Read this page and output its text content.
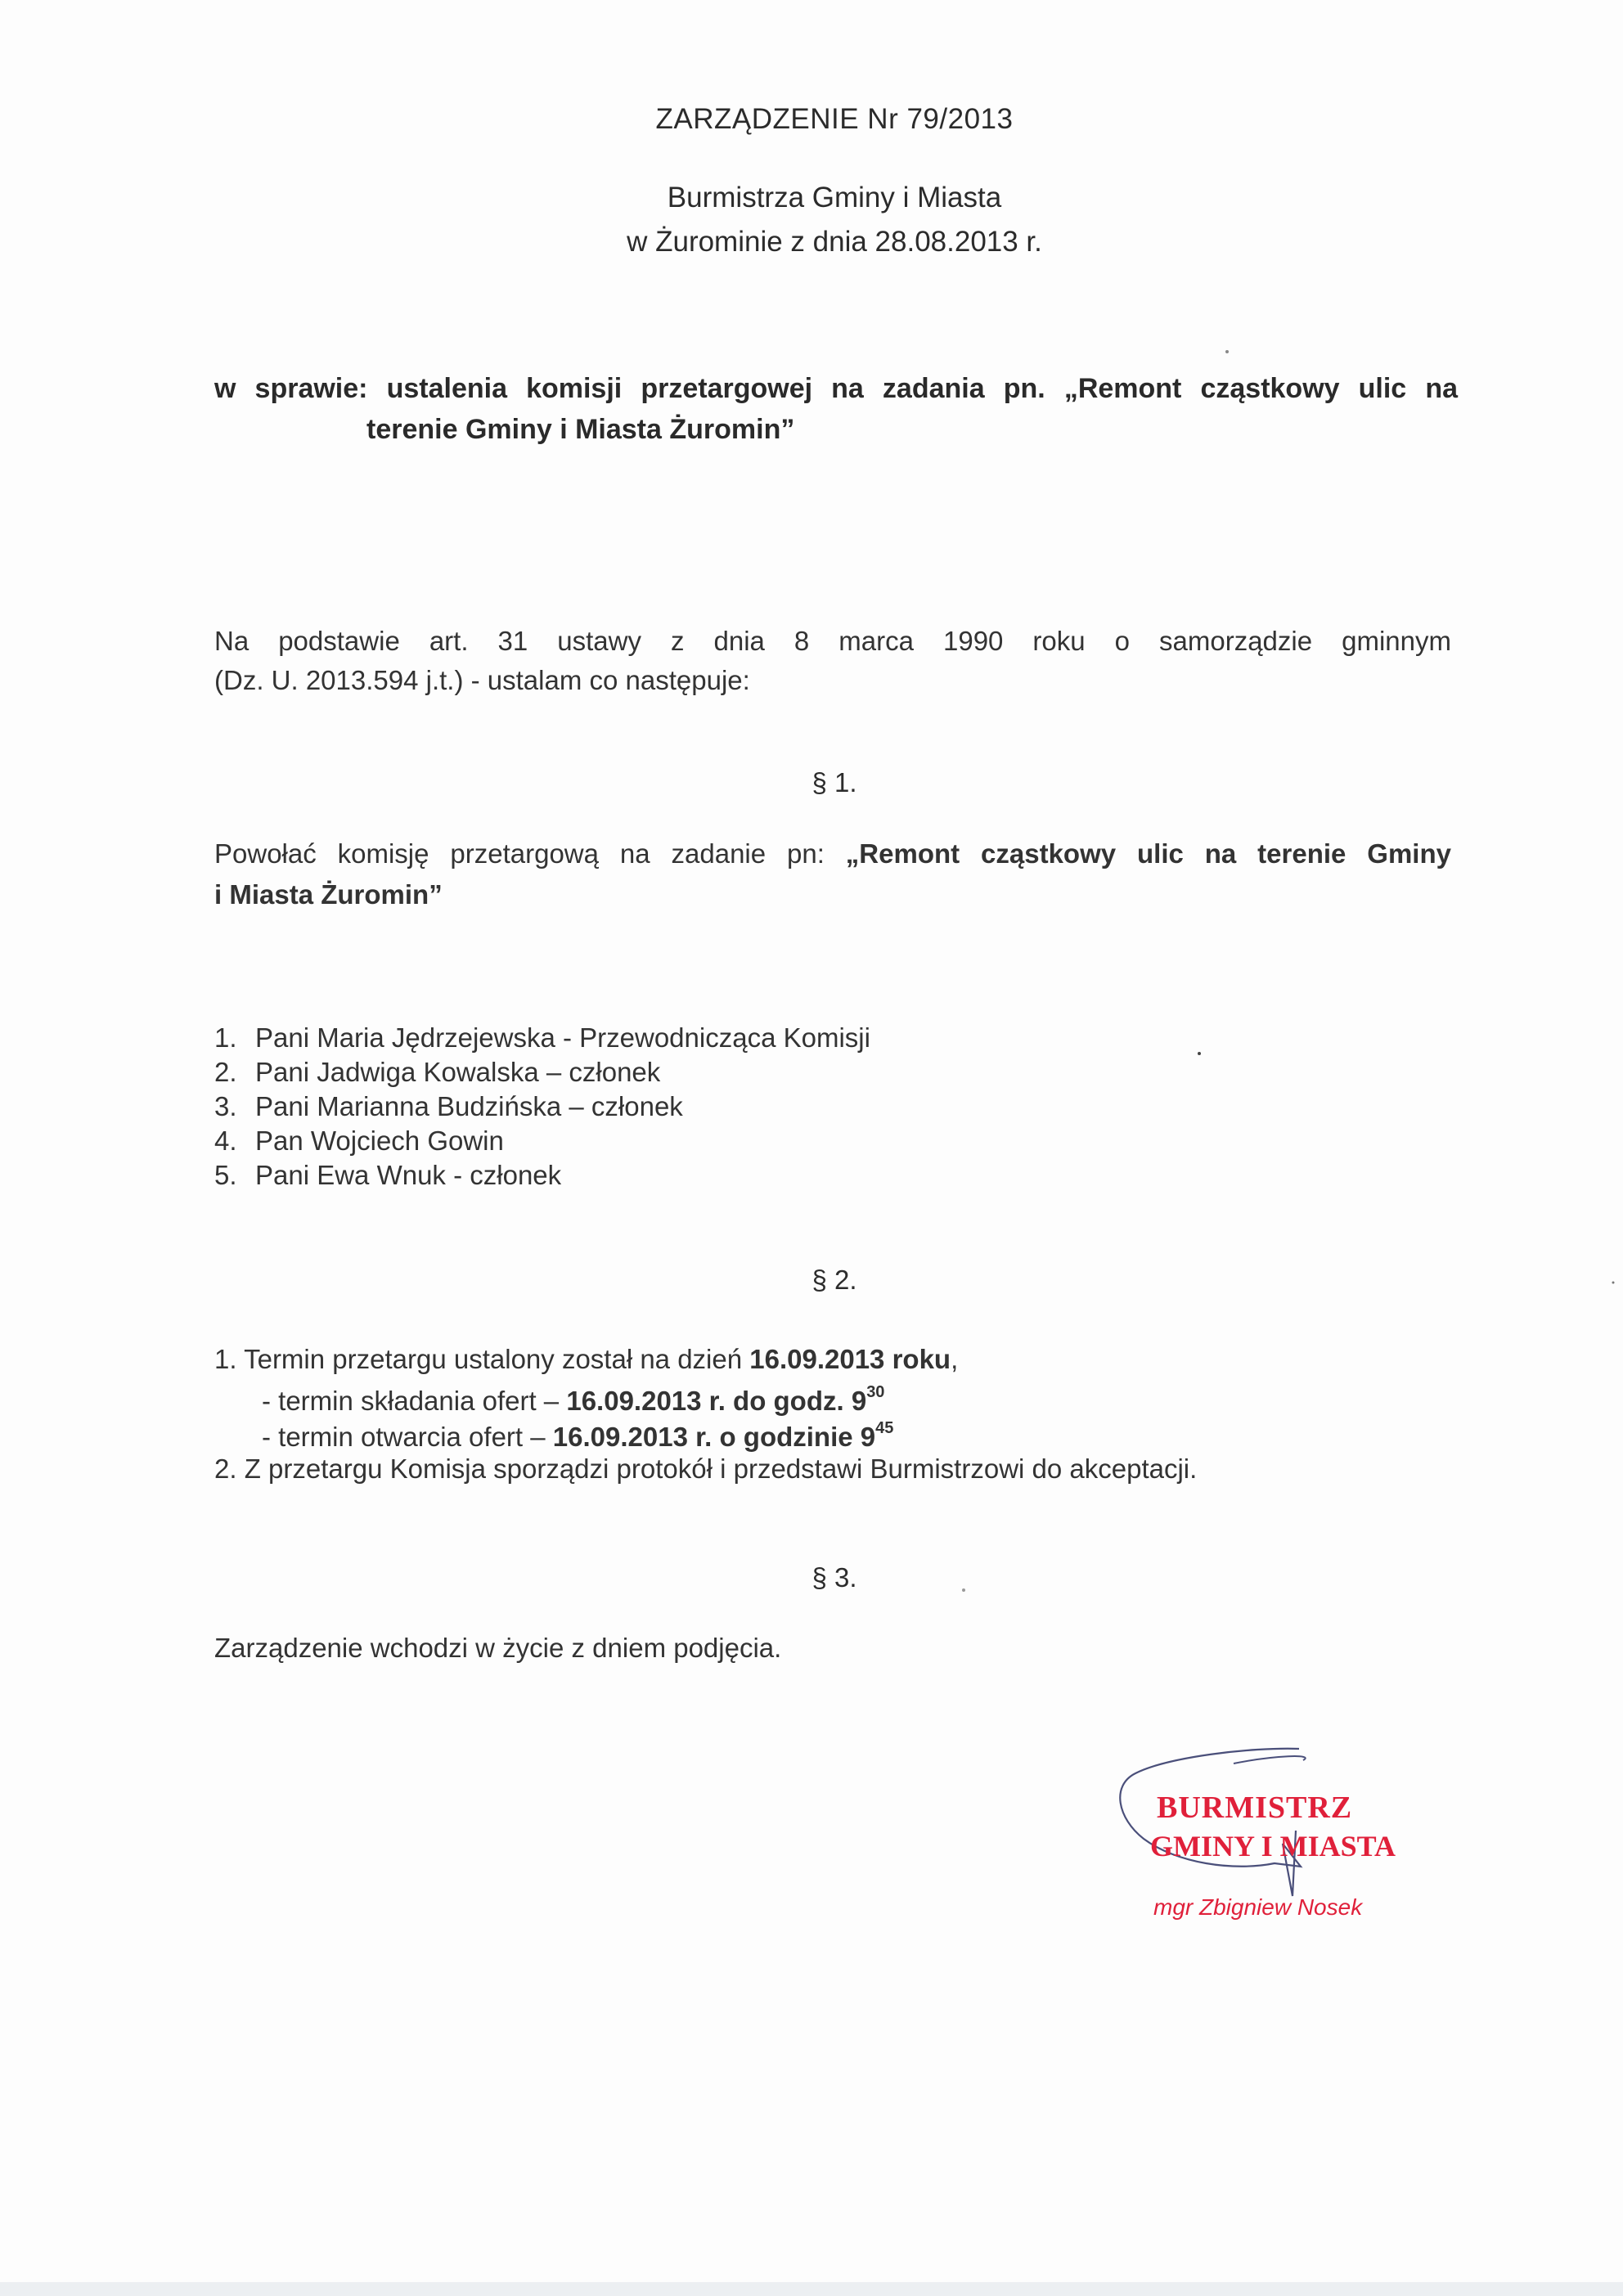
ZARZĄDZENIE Nr 79/2013
Burmistrza Gminy i Miasta
w Żurominie z dnia 28.08.2013 r.
w sprawie: ustalenia komisji przetargowej na zadania pn. „Remont cząstkowy ulic na
terenie Gminy i Miasta Żuromin”
Na podstawie art. 31 ustawy z dnia 8 marca 1990 roku o samorządzie gminnym
(Dz. U. 2013.594 j.t.) - ustalam co następuje:
§ 1.
Powołać komisję przetargową na zadanie pn: „Remont cząstkowy ulic na terenie Gminy
i Miasta Żuromin”
1. Pani Maria Jędrzejewska - Przewodnicząca Komisji
2. Pani Jadwiga Kowalska – członek
3. Pani Marianna Budzińska – członek
4. Pan Wojciech Gowin
5. Pani Ewa Wnuk - członek
§ 2.
1. Termin przetargu ustalony został na dzień 16.09.2013 roku,
- termin składania ofert – 16.09.2013 r. do godz. $9^{30}$
- termin otwarcia ofert – 16.09.2013 r. o godzinie $9^{45}$
2. Z przetargu Komisja sporządzi protokół i przedstawi Burmistrzowi do akceptacji.
§ 3.
Zarządzenie wchodzi w życie z dniem podjęcia.
BURMISTRZ
GMINY I MIASTA
mgr Zbigniew Nosek
